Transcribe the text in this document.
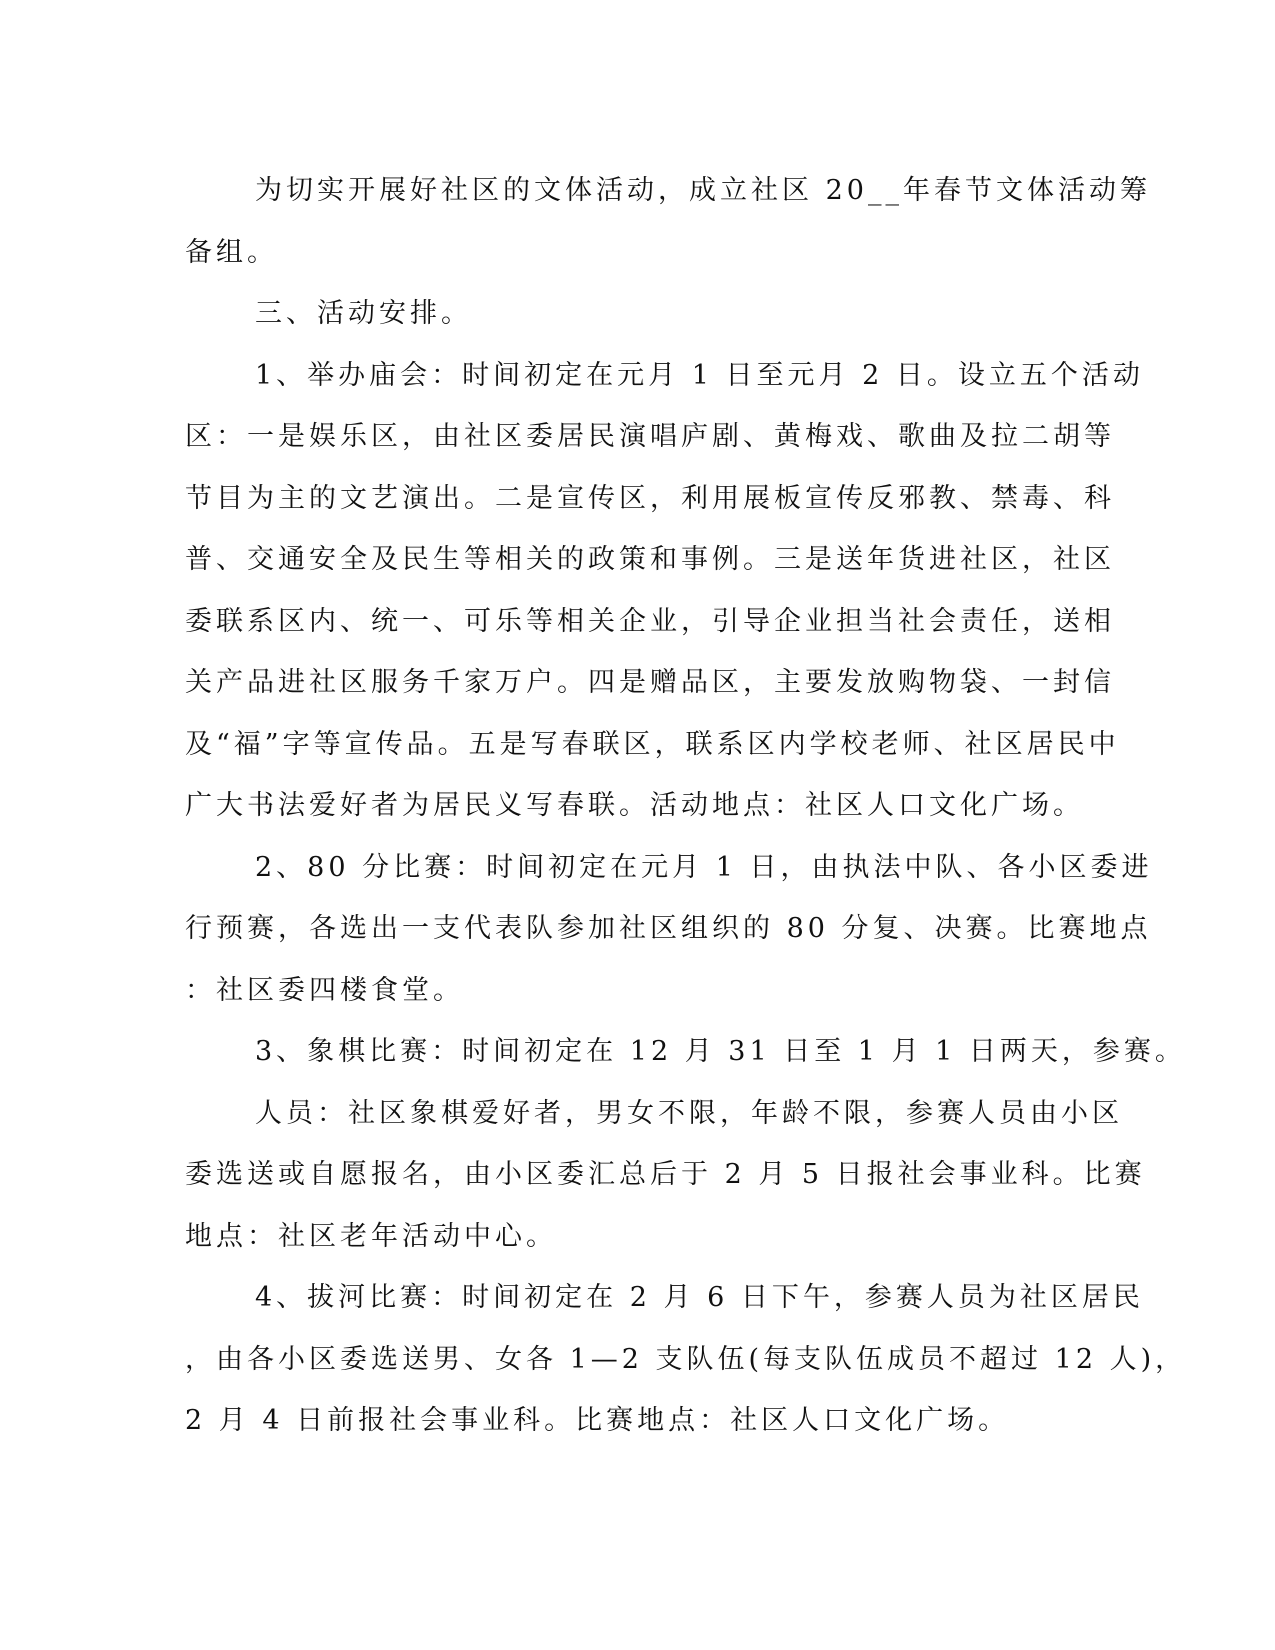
为切实开展好社区的文体活动，成立社区 20__年春节文体活动筹
备组。
三、活动安排。
1、举办庙会：时间初定在元月 1 日至元月 2 日。设立五个活动
区：一是娱乐区，由社区委居民演唱庐剧、黄梅戏、歌曲及拉二胡等
节目为主的文艺演出。二是宣传区，利用展板宣传反邪教、禁毒、科
普、交通安全及民生等相关的政策和事例。三是送年货进社区，社区
委联系区内、统一、可乐等相关企业，引导企业担当社会责任，送相
关产品进社区服务千家万户。四是赠品区，主要发放购物袋、一封信
及“福”字等宣传品。五是写春联区，联系区内学校老师、社区居民中
广大书法爱好者为居民义写春联。活动地点：社区人口文化广场。
2、80 分比赛：时间初定在元月 1 日，由执法中队、各小区委进
行预赛，各选出一支代表队参加社区组织的 80 分复、决赛。比赛地点
：社区委四楼食堂。
3、象棋比赛：时间初定在 12 月 31 日至 1 月 1 日两天，参赛。
人员：社区象棋爱好者，男女不限，年龄不限，参赛人员由小区
委选送或自愿报名，由小区委汇总后于 2 月 5 日报社会事业科。比赛
地点：社区老年活动中心。
4、拔河比赛：时间初定在 2 月 6 日下午，参赛人员为社区居民
，由各小区委选送男、女各 1—2 支队伍(每支队伍成员不超过 12 人)，
2 月 4 日前报社会事业科。比赛地点：社区人口文化广场。
